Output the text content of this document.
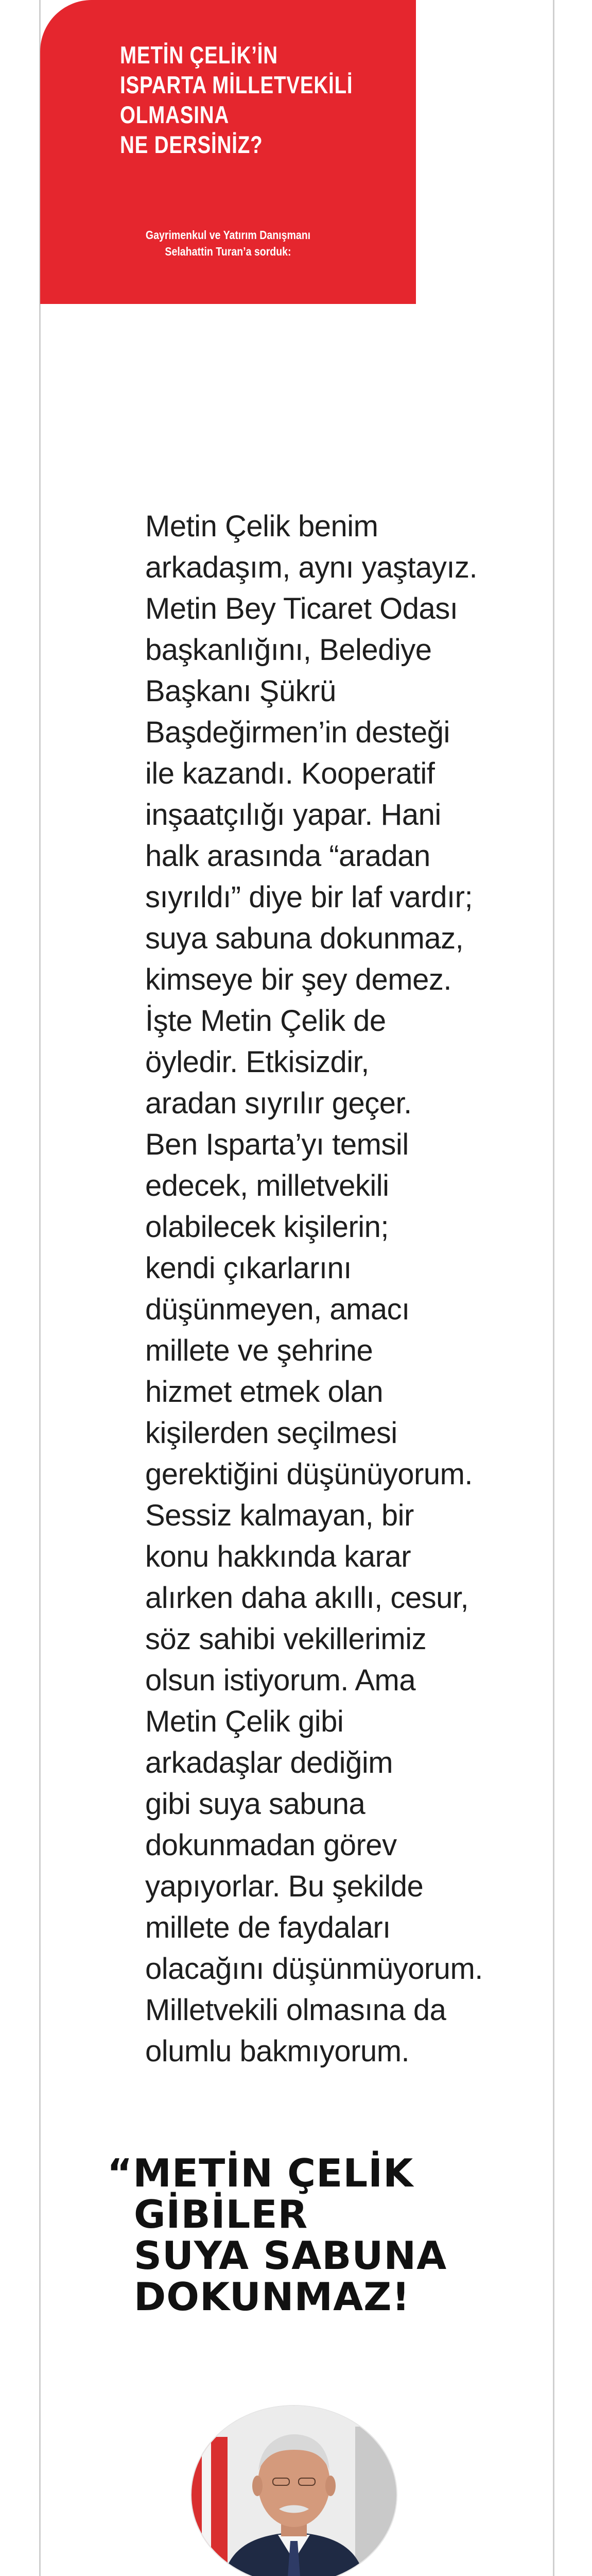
METİN ÇELİK’İN
ISPARTA MİLLETVEKİLİ
OLMASINA
NE DERSİNİZ?
Gayrimenkul ve Yatırım Danışmanı
Selahattin Turan’a sorduk:
Metin Çelik benim
arkadaşım, aynı yaştayız.
Metin Bey Ticaret Odası
başkanlığını, Belediye
Başkanı Şükrü
Başdeğirmen’in desteği
ile kazandı. Kooperatif
inşaatçılığı yapar. Hani
halk arasında “aradan
sıyrıldı” diye bir laf vardır;
suya sabuna dokunmaz,
kimseye bir şey demez.
İşte Metin Çelik de
öyledir. Etkisizdir,
aradan sıyrılır geçer.
Ben Isparta’yı temsil
edecek, milletvekili
olabilecek kişilerin;
kendi çıkarlarını
düşünmeyen, amacı
millete ve şehrine
hizmet etmek olan
kişilerden seçilmesi
gerektiğini düşünüyorum.
Sessiz kalmayan, bir
konu hakkında karar
alırken daha akıllı, cesur,
söz sahibi vekillerimiz
olsun istiyorum. Ama
Metin Çelik gibi
arkadaşlar dediğim
gibi suya sabuna
dokunmadan görev
yapıyorlar. Bu şekilde
millete de faydaları
olacağını düşünmüyorum.
Milletvekili olmasına da
olumlu bakmıyorum.
“METİN ÇELİK
GİBİLER
SUYA SABUNA
DOKUNMAZ!
